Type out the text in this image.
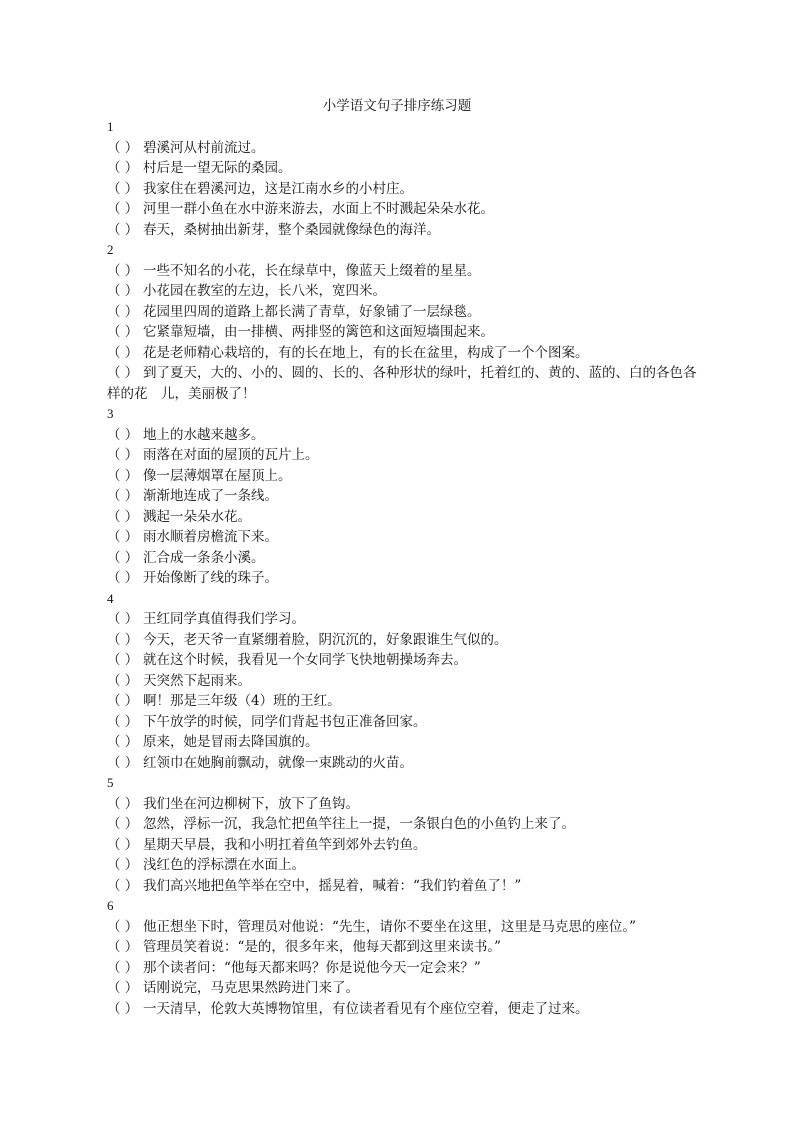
小学语文句子排序练习题
1
（ ） 碧溪河从村前流过。
（ ） 村后是一望无际的桑园。
（ ） 我家住在碧溪河边，这是江南水乡的小村庄。
（ ） 河里一群小鱼在水中游来游去，水面上不时溅起朵朵水花。
（ ） 春天，桑树抽出新芽，整个桑园就像绿色的海洋。
2
（ ） 一些不知名的小花，长在绿草中，像蓝天上缀着的星星。
（ ） 小花园在教室的左边，长八米，宽四米。
（ ） 花园里四周的道路上都长满了青草，好象铺了一层绿毯。
（ ） 它紧靠短墙，由一排横、两排竖的篱笆和这面短墙围起来。
（ ） 花是老师精心栽培的，有的长在地上，有的长在盆里，构成了一个个图案。
（ ） 到了夏天，大的、小的、圆的、长的、各种形状的绿叶，托着红的、黄的、蓝的、白的各色各样的花　儿，美丽极了！
3
（ ） 地上的水越来越多。
（ ） 雨落在对面的屋顶的瓦片上。
（ ） 像一层薄烟罩在屋顶上。
（ ） 渐渐地连成了一条线。
（ ） 溅起一朵朵水花。
（ ） 雨水顺着房檐流下来。
（ ） 汇合成一条条小溪。
（ ） 开始像断了线的珠子。
4
（ ） 王红同学真值得我们学习。
（ ） 今天，老天爷一直紧绷着脸，阴沉沉的，好象跟谁生气似的。
（ ） 就在这个时候，我看见一个女同学飞快地朝操场奔去。
（ ） 天突然下起雨来。
（ ） 啊！那是三年级（4）班的王红。
（ ） 下午放学的时候，同学们背起书包正准备回家。
（ ） 原来，她是冒雨去降国旗的。
（ ） 红领巾在她胸前飘动，就像一束跳动的火苗。
5
（ ） 我们坐在河边柳树下，放下了鱼钩。
（ ） 忽然，浮标一沉，我急忙把鱼竿往上一提，一条银白色的小鱼钓上来了。
（ ） 星期天早晨，我和小明扛着鱼竿到郊外去钓鱼。
（ ） 浅红色的浮标漂在水面上。
（ ） 我们高兴地把鱼竿举在空中，摇晃着，喊着：“我们钓着鱼了！”
6
（ ） 他正想坐下时，管理员对他说：“先生，请你不要坐在这里，这里是马克思的座位。”
（ ） 管理员笑着说：“是的，很多年来，他每天都到这里来读书。”
（ ） 那个读者问：“他每天都来吗？你是说他今天一定会来？”
（ ） 话刚说完，马克思果然跨进门来了。
（ ） 一天清早，伦敦大英博物馆里，有位读者看见有个座位空着，便走了过来。
